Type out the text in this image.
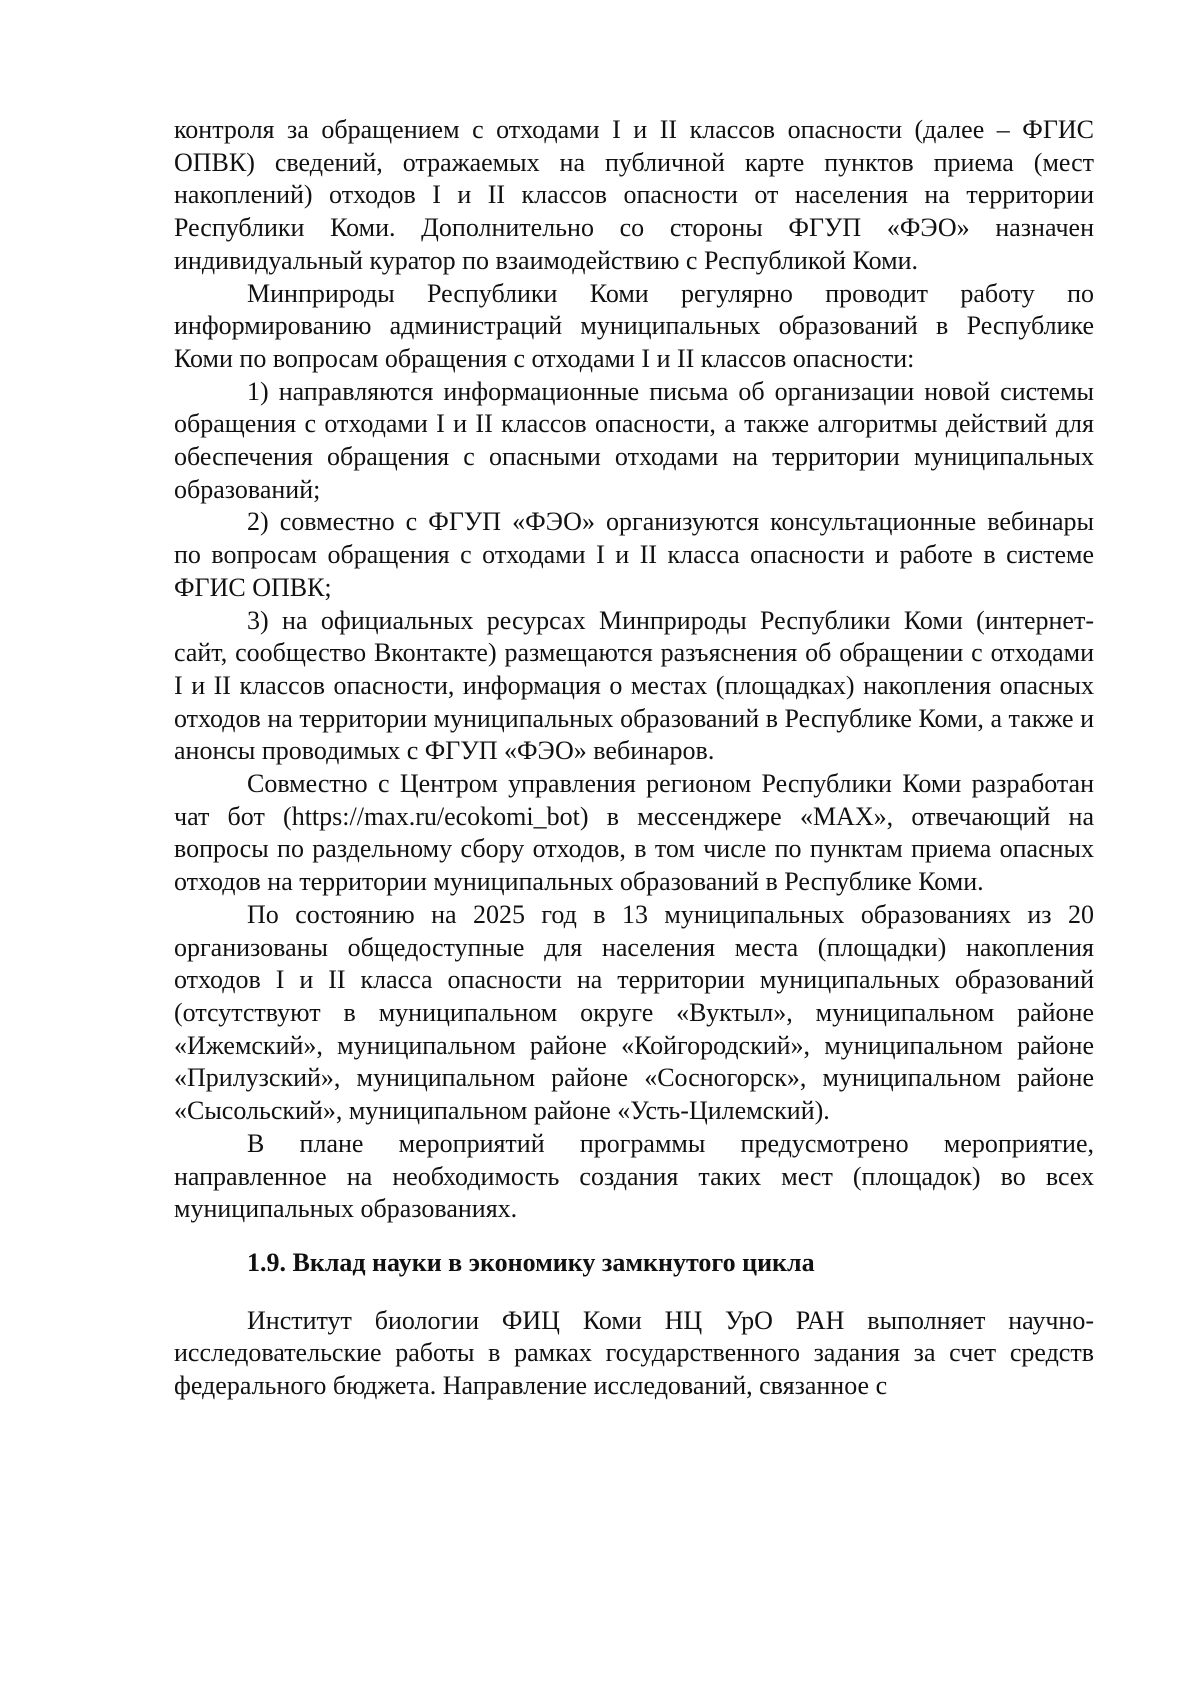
контроля за обращением с отходами I и II классов опасности (далее – ФГИС ОПВК) сведений, отражаемых на публичной карте пунктов приема (мест накоплений) отходов I и II классов опасности от населения на территории Республики Коми. Дополнительно со стороны ФГУП «ФЭО» назначен индивидуальный куратор по взаимодействию с Республикой Коми.

Минприроды Республики Коми регулярно проводит работу по информированию администраций муниципальных образований в Республике Коми по вопросам обращения с отходами I и II классов опасности:

1) направляются информационные письма об организации новой системы обращения с отходами I и II классов опасности, а также алгоритмы действий для обеспечения обращения с опасными отходами на территории муниципальных образований;

2) совместно с ФГУП «ФЭО» организуются консультационные вебинары по вопросам обращения с отходами I и II класса опасности и работе в системе ФГИС ОПВК;

3) на официальных ресурсах Минприроды Республики Коми (интернет-сайт, сообщество Вконтакте) размещаются разъяснения об обращении с отходами I и II классов опасности, информация о местах (площадках) накопления опасных отходов на территории муниципальных образований в Республике Коми, а также и анонсы проводимых с ФГУП «ФЭО» вебинаров.

Совместно с Центром управления регионом Республики Коми разработан чат бот (https://max.ru/ecokomi_bot) в мессенджере «MAX», отвечающий на вопросы по раздельному сбору отходов, в том числе по пунктам приема опасных отходов на территории муниципальных образований в Республике Коми.

По состоянию на 2025 год в 13 муниципальных образованиях из 20 организованы общедоступные для населения места (площадки) накопления отходов I и II класса опасности на территории муниципальных образований (отсутствуют в муниципальном округе «Вуктыл», муниципальном районе «Ижемский», муниципальном районе «Койгородский», муниципальном районе «Прилузский», муниципальном районе «Сосногорск», муниципальном районе «Сысольский», муниципальном районе «Усть-Цилемский).

В плане мероприятий программы предусмотрено мероприятие, направленное на необходимость создания таких мест (площадок) во всех муниципальных образованиях.

1.9. Вклад науки в экономику замкнутого цикла

Институт биологии ФИЦ Коми НЦ УрО РАН выполняет научно-исследовательские работы в рамках государственного задания за счет средств федерального бюджета. Направление исследований, связанное с
